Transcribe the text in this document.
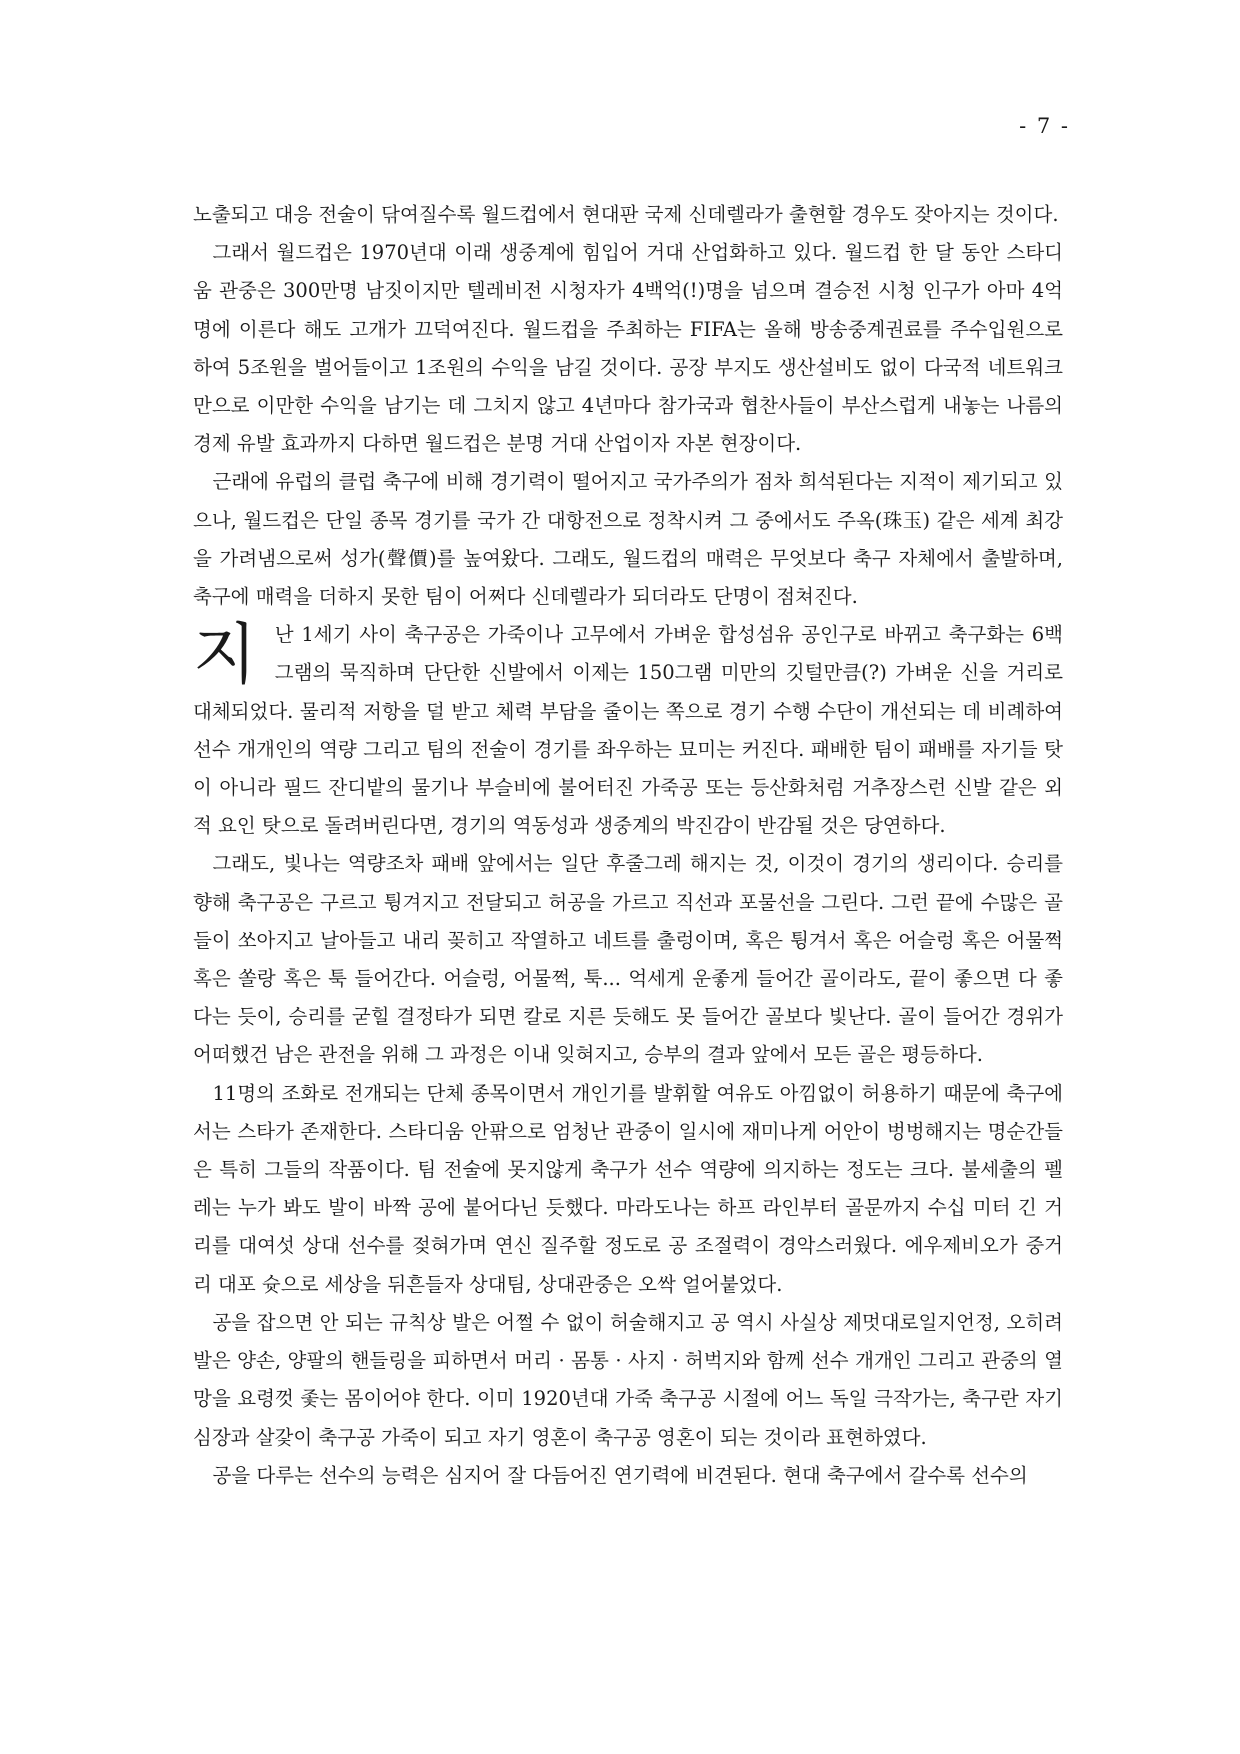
- 7 -

노출되고 대응 전술이 닦여질수록 월드컵에서 현대판 국제 신데렐라가 출현할 경우도 잦아지는 것이다.

그래서 월드컵은 1970년대 이래 생중계에 힘입어 거대 산업화하고 있다. 월드컵 한 달 동안 스타디움 관중은 300만명 남짓이지만 텔레비전 시청자가 4백억(!)명을 넘으며 결승전 시청 인구가 아마 4억명에 이른다 해도 고개가 끄덕여진다. 월드컵을 주최하는 FIFA는 올해 방송중계권료를 주수입원으로 하여 5조원을 벌어들이고 1조원의 수익을 남길 것이다. 공장 부지도 생산설비도 없이 다국적 네트워크만으로 이만한 수익을 남기는 데 그치지 않고 4년마다 참가국과 협찬사들이 부산스럽게 내놓는 나름의 경제 유발 효과까지 다하면 월드컵은 분명 거대 산업이자 자본 현장이다.

근래에 유럽의 클럽 축구에 비해 경기력이 떨어지고 국가주의가 점차 희석된다는 지적이 제기되고 있으나, 월드컵은 단일 종목 경기를 국가 간 대항전으로 정착시켜 그 중에서도 주옥(珠玉) 같은 세계 최강을 가려냄으로써 성가(聲價)를 높여왔다. 그래도, 월드컵의 매력은 무엇보다 축구 자체에서 출발하며, 축구에 매력을 더하지 못한 팀이 어쩌다 신데렐라가 되더라도 단명이 점쳐진다.

지난 1세기 사이 축구공은 가죽이나 고무에서 가벼운 합성섬유 공인구로 바뀌고 축구화는 6백그램의 묵직하며 단단한 신발에서 이제는 150그램 미만의 깃털만큼(?) 가벼운 신을 거리로 대체되었다. 물리적 저항을 덜 받고 체력 부담을 줄이는 쪽으로 경기 수행 수단이 개선되는 데 비례하여 선수 개개인의 역량 그리고 팀의 전술이 경기를 좌우하는 묘미는 커진다. 패배한 팀이 패배를 자기들 탓이 아니라 필드 잔디밭의 물기나 부슬비에 불어터진 가죽공 또는 등산화처럼 거추장스런 신발 같은 외적 요인 탓으로 돌려버린다면, 경기의 역동성과 생중계의 박진감이 반감될 것은 당연하다.

그래도, 빛나는 역량조차 패배 앞에서는 일단 후줄그레 해지는 것, 이것이 경기의 생리이다. 승리를 향해 축구공은 구르고 튕겨지고 전달되고 허공을 가르고 직선과 포물선을 그린다. 그런 끝에 수많은 골들이 쏘아지고 날아들고 내리 꽂히고 작열하고 네트를 출렁이며, 혹은 튕겨서 혹은 어슬렁 혹은 어물쩍 혹은 쏠랑 혹은 툭 들어간다. 어슬렁, 어물쩍, 툭... 억세게 운좋게 들어간 골이라도, 끝이 좋으면 다 좋다는 듯이, 승리를 굳힐 결정타가 되면 칼로 지른 듯해도 못 들어간 골보다 빛난다. 골이 들어간 경위가 어떠했건 남은 관전을 위해 그 과정은 이내 잊혀지고, 승부의 결과 앞에서 모든 골은 평등하다.

11명의 조화로 전개되는 단체 종목이면서 개인기를 발휘할 여유도 아낌없이 허용하기 때문에 축구에서는 스타가 존재한다. 스타디움 안팎으로 엄청난 관중이 일시에 재미나게 어안이 벙벙해지는 명순간들은 특히 그들의 작품이다. 팀 전술에 못지않게 축구가 선수 역량에 의지하는 정도는 크다. 불세출의 펠레는 누가 봐도 발이 바짝 공에 붙어다닌 듯했다. 마라도나는 하프 라인부터 골문까지 수십 미터 긴 거리를 대여섯 상대 선수를 젖혀가며 연신 질주할 정도로 공 조절력이 경악스러웠다. 에우제비오가 중거리 대포 슛으로 세상을 뒤흔들자 상대팀, 상대관중은 오싹 얼어붙었다.

공을 잡으면 안 되는 규칙상 발은 어쩔 수 없이 허술해지고 공 역시 사실상 제멋대로일지언정, 오히려 발은 양손, 양팔의 핸들링을 피하면서 머리 · 몸통 · 사지 · 허벅지와 함께 선수 개개인 그리고 관중의 열망을 요령껏 좇는 몸이어야 한다. 이미 1920년대 가죽 축구공 시절에 어느 독일 극작가는, 축구란 자기 심장과 살갗이 축구공 가죽이 되고 자기 영혼이 축구공 영혼이 되는 것이라 표현하였다.

공을 다루는 선수의 능력은 심지어 잘 다듬어진 연기력에 비견된다. 현대 축구에서 갈수록 선수의
